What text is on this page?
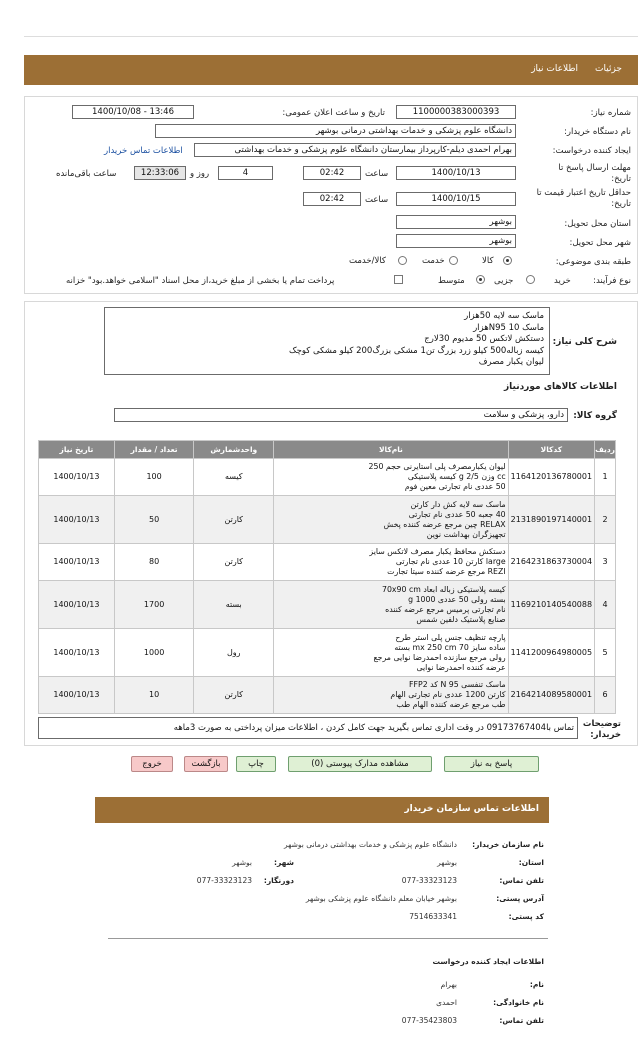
جزئیات
اطلاعات نیاز
شماره نیاز:
1100000383000393
تاریخ و ساعت اعلان عمومی:
1400/10/08 - 13:46
نام دستگاه خریدار:
دانشگاه علوم پزشکی و خدمات بهداشتی درمانی بوشهر
ایجاد کننده درخواست:
بهرام احمدی دیلم-کارپرداز بیمارستان دانشگاه علوم پزشکی و خدمات بهداشتی
اطلاعات تماس خریدار
مهلت ارسال پاسخ تا تاریخ:
1400/10/13
ساعت
02:42
4
روز و
12:33:06
ساعت باقی‌مانده
حداقل تاریخ اعتبار قیمت تا تاریخ:
1400/10/15
ساعت
02:42
استان محل تحویل:
بوشهر
شهر محل تحویل:
بوشهر
طبقه بندی موضوعی:
کالا
خدمت
کالا/خدمت
نوع فرآیند:
خرید
جزیی
متوسط
پرداخت تمام یا بخشی از مبلغ خرید،از محل اسناد "اسلامی خواهد.بود" خزانه
شرح کلی نیاز:
ماسک سه لایه 50هزار
ماسک N95 10هزار
دستکش لاتکس 50 مدیوم 30لارج
کیسه زباله500 کیلو زرد بزرگ تن1 مشکی بزرگ200 کیلو مشکی کوچک
لیوان یکبار مصرف
اطلاعات کالاهای موردنیاز
گروه کالا:
دارو، پزشکی و سلامت
ردیف	کدکالا	نام‌کالا	واحدشمارش	تعداد / مقدار	تاریخ نیاز
1	1164120136780001	لیوان یکبارمصرف پلی استایرنی حجم 250
cc وزن 2/5 g کیسه پلاستیکی
50 عددی نام تجارتی معین فوم	کیسه	100	1400/10/13
2	2131890197140001	ماسک سه لایه کش دار کارتن
40 جعبه 50 عددی نام تجارتی
RELAX چین مرجع عرضه کننده پخش
تجهیزگران بهداشت نوین	کارتن	50	1400/10/13
3	2164231863730004	دستکش محافظ یکبار مصرف لاتکس سایز
large کارتن 10 عددی نام تجارتی
REZI مرجع عرضه کننده سیتا تجارت	کارتن	80	1400/10/13
4	1169210140540088	کیسه پلاستیکی زباله ابعاد 70x90 cm
بسته رولی 50 عددی 1000 g
نام تجارتی پرمیس مرجع عرضه کننده
صنایع پلاستیک دلفین شمس	بسته	1700	1400/10/13
5	1141200964980005	پارچه تنظیف جنس پلی استر طرح
ساده سایز 70 mx 250 cm بسته
رولی مرجع سازنده احمدرضا نوایی مرجع
عرضه کننده احمدرضا نوایی	رول	1000	1400/10/13
6	2164214089580001	ماسک تنفسی N 95 کد FFP2
کارتن 1200 عددی نام تجارتی الهام
طب مرجع عرضه کننده الهام طب	کارتن	10	1400/10/13
توضیحات خریدار:
تماس با09173767404 در وقت اداری تماس بگیرید جهت کامل کردن ، اطلاعات میزان پرداختی به صورت 3ماهه
پاسخ به نیاز
مشاهده مدارک پیوستی (0)
چاپ
بازگشت
خروج
اطلاعات تماس سازمان خریدار
نام سازمان خریدار:
دانشگاه علوم پزشکی و خدمات بهداشتی درمانی بوشهر
استان:
بوشهر
شهر:
بوشهر
تلفن تماس:
077-33323123
دورنگار:
077-33323123
آدرس پستی:
بوشهر خیابان معلم دانشگاه علوم پزشکی بوشهر
کد پستی:
7514633341
اطلاعات ایجاد کننده درخواست
نام:
بهرام
نام خانوادگی:
احمدی
تلفن تماس:
077-35423803
